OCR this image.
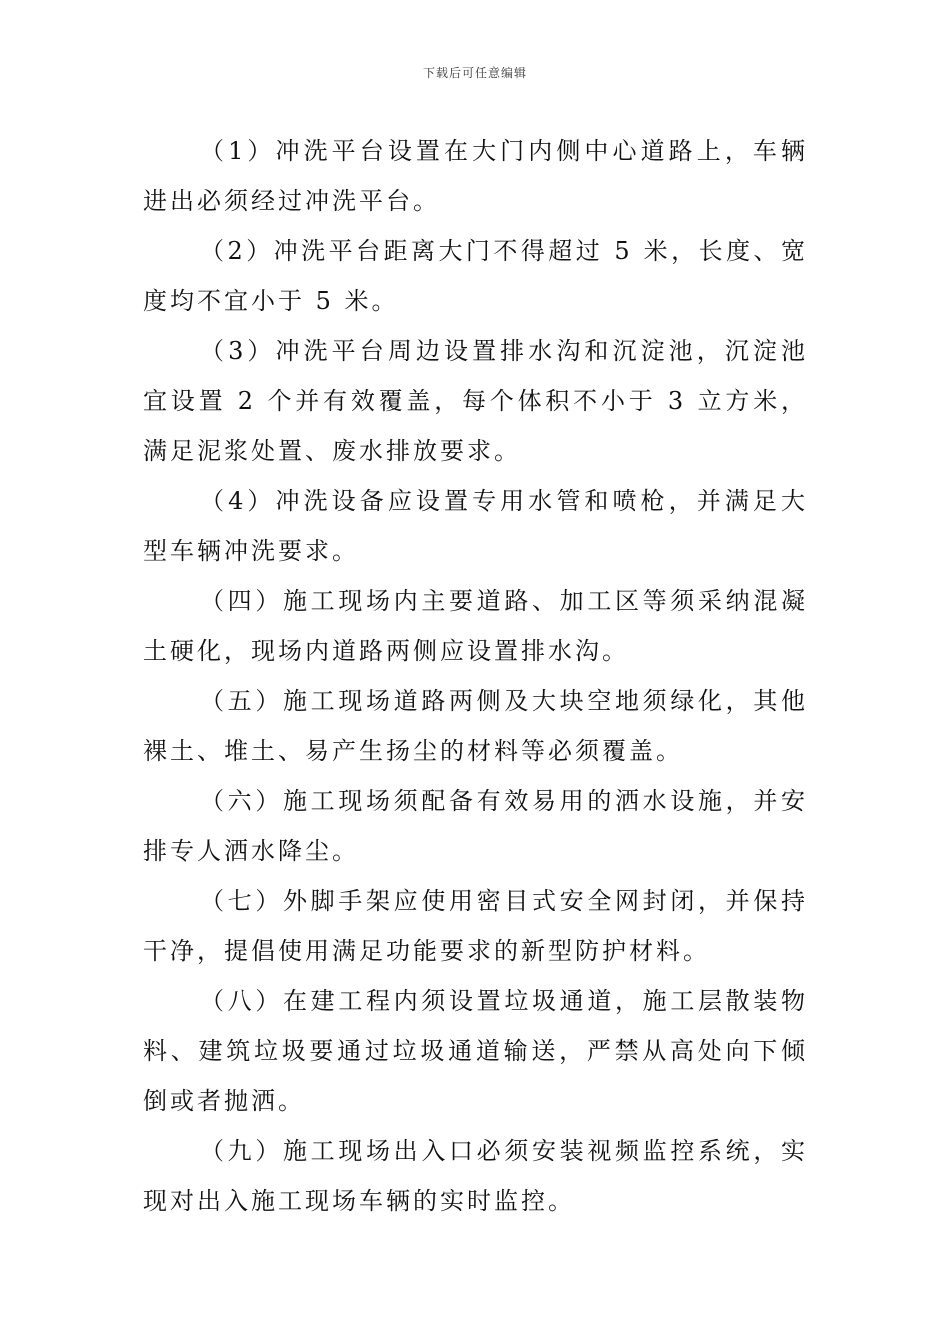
下载后可任意编辑

（1）冲洗平台设置在大门内侧中心道路上，车辆进出必须经过冲洗平台。

（2）冲洗平台距离大门不得超过 5 米，长度、宽度均不宜小于 5 米。

（3）冲洗平台周边设置排水沟和沉淀池，沉淀池宜设置 2 个并有效覆盖，每个体积不小于 3 立方米，满足泥浆处置、废水排放要求。

（4）冲洗设备应设置专用水管和喷枪，并满足大型车辆冲洗要求。

（四）施工现场内主要道路、加工区等须采纳混凝土硬化，现场内道路两侧应设置排水沟。

（五）施工现场道路两侧及大块空地须绿化，其他裸土、堆土、易产生扬尘的材料等必须覆盖。

（六）施工现场须配备有效易用的洒水设施，并安排专人洒水降尘。

（七）外脚手架应使用密目式安全网封闭，并保持干净，提倡使用满足功能要求的新型防护材料。

（八）在建工程内须设置垃圾通道，施工层散装物料、建筑垃圾要通过垃圾通道输送，严禁从高处向下倾倒或者抛洒。

（九）施工现场出入口必须安装视频监控系统，实现对出入施工现场车辆的实时监控。
